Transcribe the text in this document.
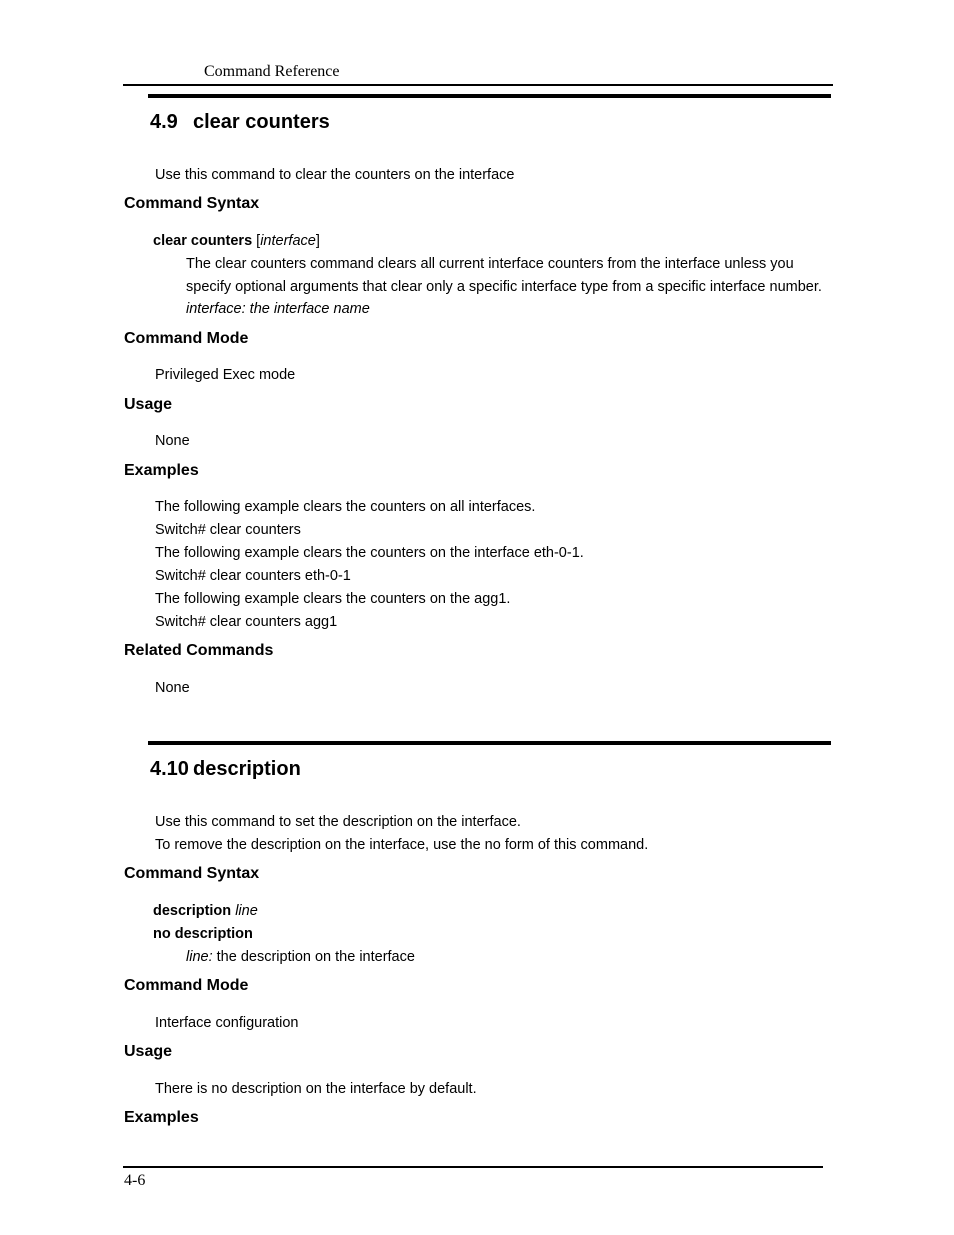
Command Reference
4.9 clear counters
Use this command to clear the counters on the interface
Command Syntax
clear counters [interface]
The clear counters command clears all current interface counters from the interface unless you
specify optional arguments that clear only a specific interface type from a specific interface number.
interface: the interface name
Command Mode
Privileged Exec mode
Usage
None
Examples
The following example clears the counters on all interfaces.
Switch# clear counters
The following example clears the counters on the interface eth-0-1.
Switch# clear counters eth-0-1
The following example clears the counters on the agg1.
Switch# clear counters agg1
Related Commands
None
4.10 description
Use this command to set the description on the interface.
To remove the description on the interface, use the no form of this command.
Command Syntax
description line
no description
line: the description on the interface
Command Mode
Interface configuration
Usage
There is no description on the interface by default.
Examples
4-6
